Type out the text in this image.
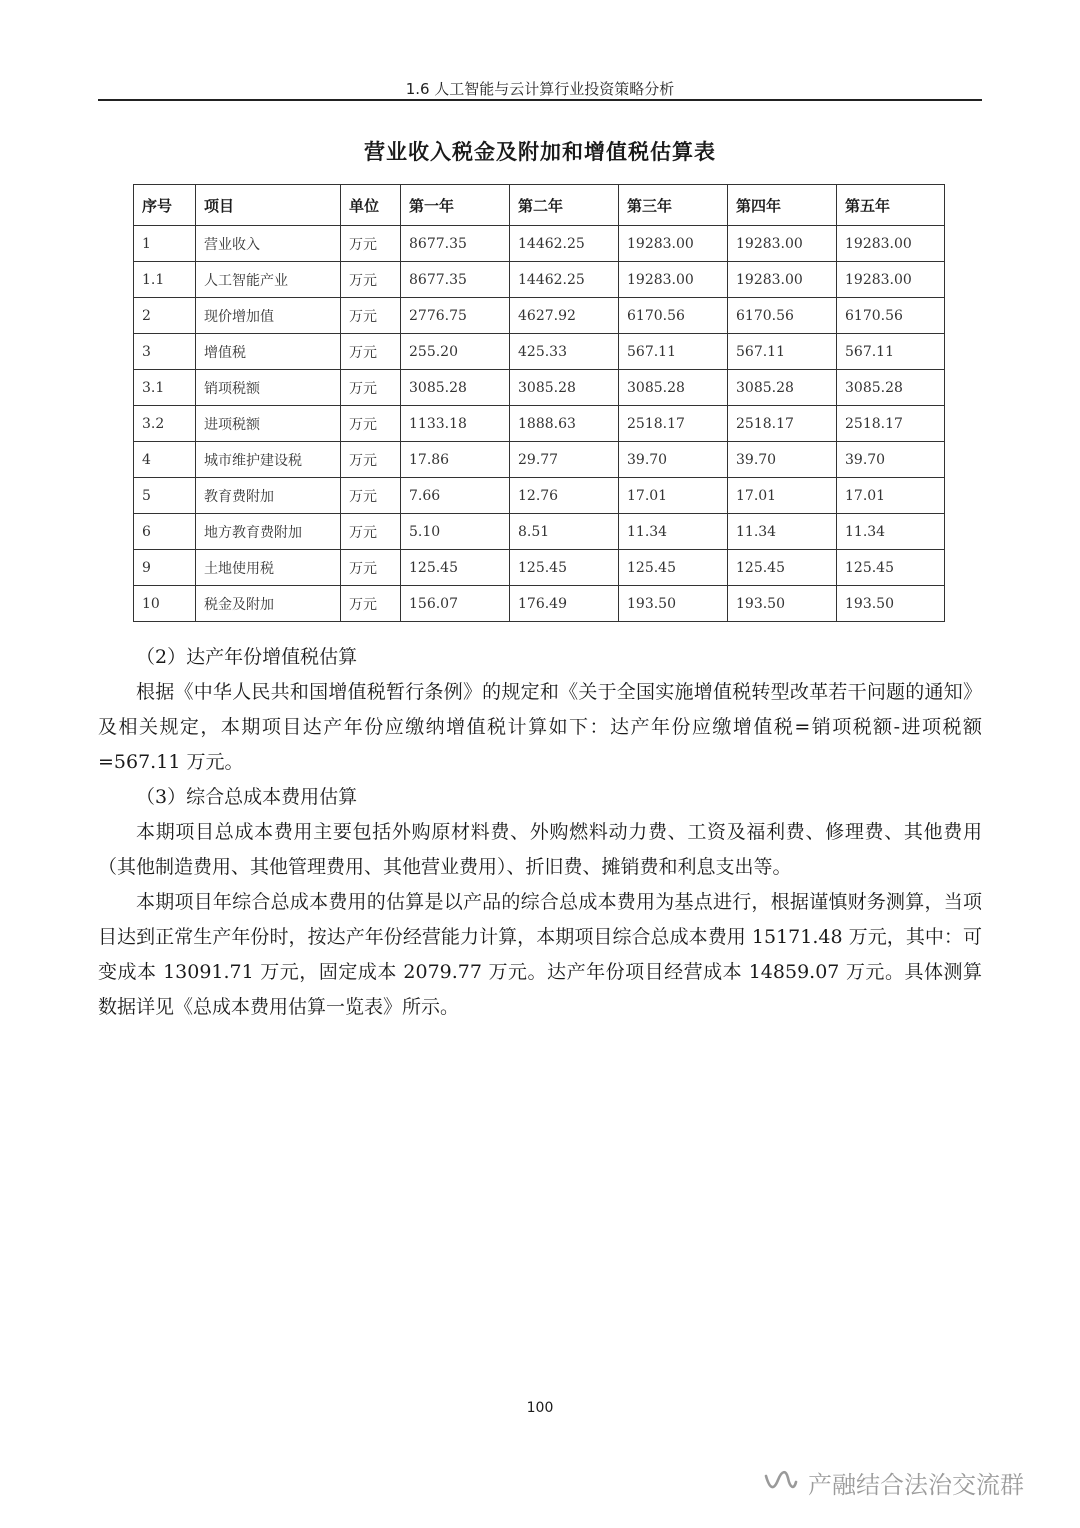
1.6 人工智能与云计算行业投资策略分析
营业收入税金及附加和增值税估算表
序号	项目	单位	第一年	第二年	第三年	第四年	第五年
1	营业收入	万元	8677.35	14462.25	19283.00	19283.00	19283.00
1.1	人工智能产业	万元	8677.35	14462.25	19283.00	19283.00	19283.00
2	现价增加值	万元	2776.75	4627.92	6170.56	6170.56	6170.56
3	增值税	万元	255.20	425.33	567.11	567.11	567.11
3.1	销项税额	万元	3085.28	3085.28	3085.28	3085.28	3085.28
3.2	进项税额	万元	1133.18	1888.63	2518.17	2518.17	2518.17
4	城市维护建设税	万元	17.86	29.77	39.70	39.70	39.70
5	教育费附加	万元	7.66	12.76	17.01	17.01	17.01
6	地方教育费附加	万元	5.10	8.51	11.34	11.34	11.34
9	土地使用税	万元	125.45	125.45	125.45	125.45	125.45
10	税金及附加	万元	156.07	176.49	193.50	193.50	193.50

（2）达产年份增值税估算

根据《中华人民共和国增值税暂行条例》的规定和《关于全国实施增值税转型改革若干问题的通知》及相关规定，本期项目达产年份应缴纳增值税计算如下：达产年份应缴增值税=销项税额-进项税额=567.11 万元。

（3）综合总成本费用估算

本期项目总成本费用主要包括外购原材料费、外购燃料动力费、工资及福利费、修理费、其他费用（其他制造费用、其他管理费用、其他营业费用）、折旧费、摊销费和利息支出等。

本期项目年综合总成本费用的估算是以产品的综合总成本费用为基点进行，根据谨慎财务测算，当项目达到正常生产年份时，按达产年份经营能力计算，本期项目综合总成本费用 15171.48 万元，其中：可变成本 13091.71 万元，固定成本 2079.77 万元。达产年份项目经营成本 14859.07 万元。具体测算数据详见《总成本费用估算一览表》所示。

100
产融结合法治交流群
